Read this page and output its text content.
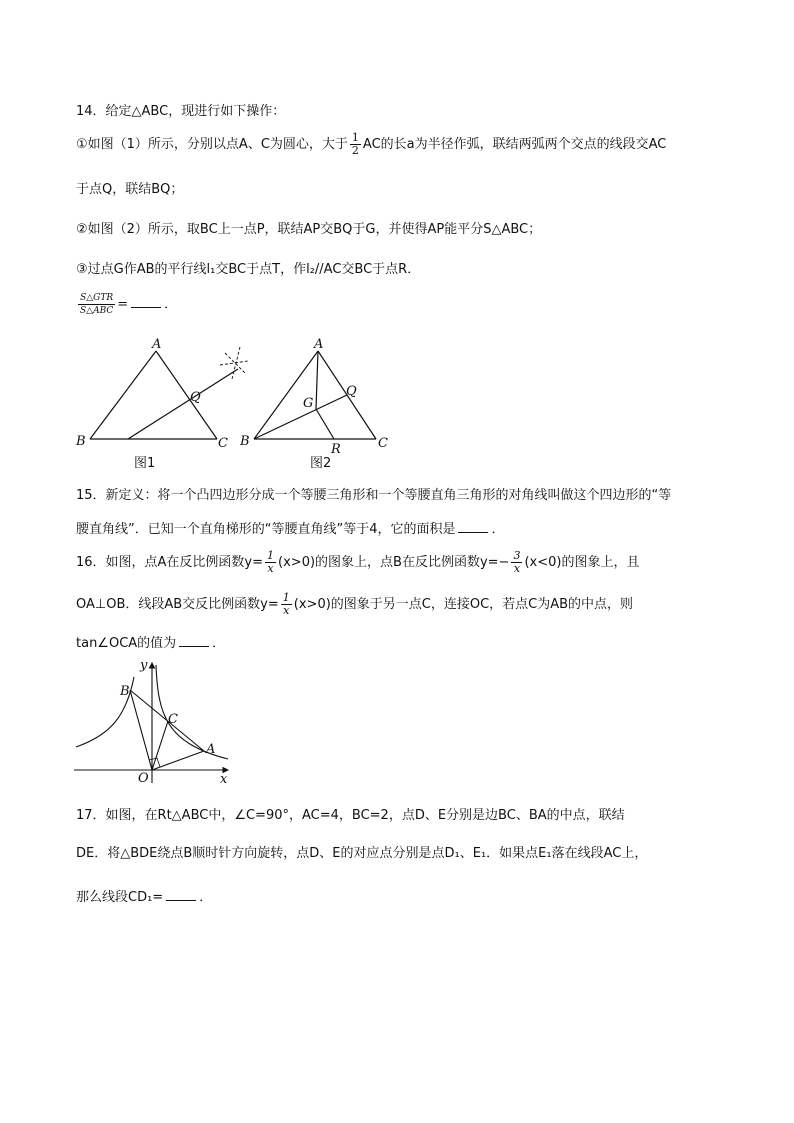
14．给定△ABC，现进行如下操作：
①如图（1）所示，分别以点A、C为圆心，大于 $\frac{1}{2}$ AC的长a为半径作弧，联结两弧两个交点的线段交AC
于点Q，联结BQ；
②如图（2）所示，取BC上一点P，联结AP交BQ于G，并使得AP能平分S△ABC；
③过点G作AB的平行线l₁交BC于点T，作l₂//AC交BC于点R．
$\frac{\text{S△GTR}}{\text{S△ABC}}$ =	．
A
B	C
Q
图1
A
B	C
Q
G
R
图2
15．新定义：将一个凸四边形分成一个等腰三角形和一个等腰直角三角形的对角线叫做这个四边形的“等
腰直角线”．已知一个直角梯形的“等腰直角线”等于4，它的面积是	．
16．如图，点A在反比例函数$y= \frac{1}{x} (x>0)$的图象上，点B在反比例函数$y=- \frac{3}{x} (x<0)$的图象上，且
OA⊥OB．线段AB交反比例函数$y= \frac{1}{x} (x>0)$的图象于另一点C，连接OC，若点C为AB的中点，则
tan∠OCA的值为	．
y
x
O
A
B
C
17．如图，在Rt△ABC中，∠C=90°，AC=4，BC=2，点D、E分别是边BC、BA的中点，联结
DE．将△BDE绕点B顺时针方向旋转，点D、E的对应点分别是点D₁、E₁．如果点E₁落在线段AC上，
那么线段CD₁=	．
